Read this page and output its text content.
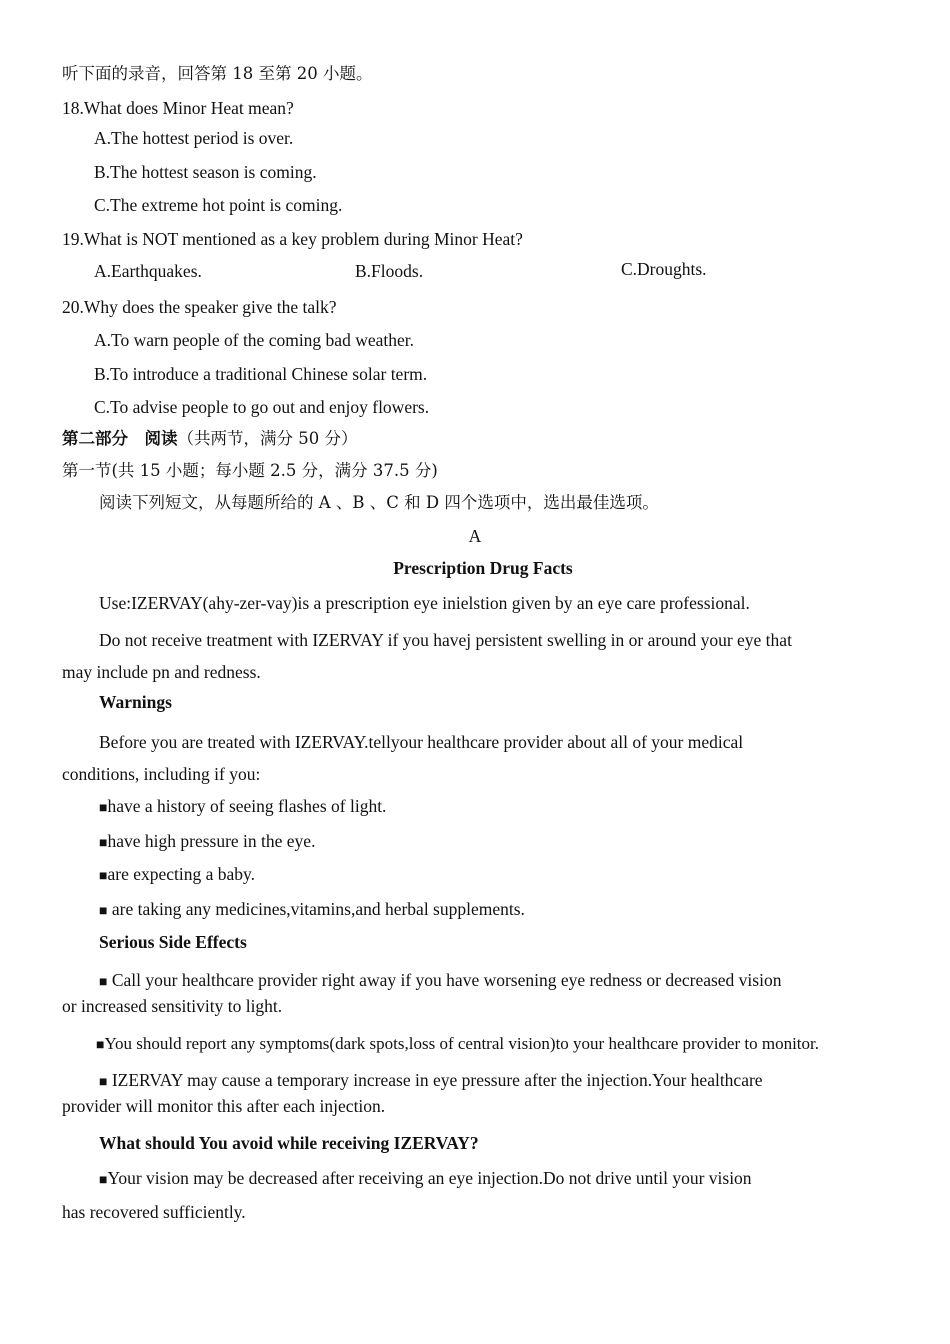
听下面的录音，回答第 18 至第 20 小题。
18.What does Minor Heat mean?
A.The hottest period is over.
B.The hottest season is coming.
C.The extreme hot point is coming.
19.What is NOT mentioned as a key problem during Minor Heat?
A.Earthquakes.	B.Floods.	C.Droughts.
20.Why does the speaker give the talk?
A.To warn people of the coming bad weather.
B.To introduce a traditional Chinese solar term.
C.To advise people to go out and enjoy flowers.
第二部分　阅读（共两节，满分 50 分）
第一节(共 15 小题；每小题 2.5 分，满分 37.5 分)
阅读下列短文，从每题所给的 A 、B 、C 和 D 四个选项中，选出最佳选项。
A
Prescription Drug Facts
Use:IZERVAY(ahy-zer-vay)is a prescription eye inielstion given by an eye care professional.
Do not receive treatment with IZERVAY if you havej persistent swelling in or around your eye that
may include pn and redness.
Warnings
Before you are treated with IZERVAY.tellyour healthcare provider about all of your medical
conditions, including if you:
■have a history of seeing flashes of light.
■have high pressure in the eye.
■are expecting a baby.
■ are taking any medicines,vitamins,and herbal supplements.
Serious Side Effects
■ Call your healthcare provider right away if you have worsening eye redness or decreased vision
or increased sensitivity to light.
■You should report any symptoms(dark spots,loss of central vision)to your healthcare provider to monitor.
■ IZERVAY may cause a temporary increase in eye pressure after the injection.Your healthcare
provider will monitor this after each injection.
What should You avoid while receiving IZERVAY?
■Your vision may be decreased after receiving an eye injection.Do not drive until your vision
has recovered sufficiently.
